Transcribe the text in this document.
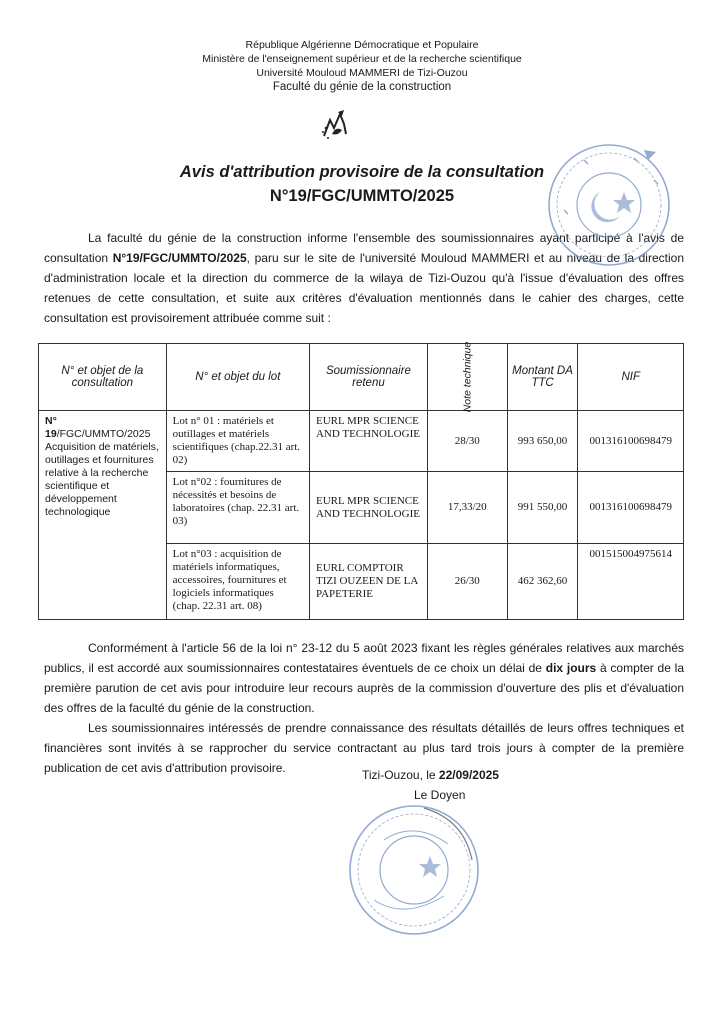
République Algérienne Démocratique et Populaire
Ministère de l'enseignement supérieur et de la recherche scientifique
Université Mouloud MAMMERI de Tizi-Ouzou
Faculté du génie de la construction
Avis d'attribution provisoire de la consultation
N°19/FGC/UMMTO/2025

La faculté du génie de la construction informe l'ensemble des soumissionnaires ayant participé à l'avis de consultation N°19/FGC/UMMTO/2025, paru sur le site de l'université Mouloud MAMMERI et au niveau de la direction d'administration locale et la direction du commerce de la wilaya de Tizi-Ouzou qu'à l'issue d'évaluation des offres retenues de cette consultation, et suite aux critères d'évaluation mentionnés dans le cahier des charges, cette consultation est provisoirement attribuée comme suit :

N° et objet de la consultation	N° et objet du lot	Soumissionnaire retenu	Note technique	Montant DA TTC	NIF
N° 19/FGC/UMMTO/2025
Acquisition de matériels, outillages et fournitures relative à la recherche scientifique et développement technologique	Lot n° 01 : matériels et outillages et matériels scientifiques (chap.22.31 art. 02)	EURL MPR SCIENCE AND TECHNOLOGIE	28/30	993 650,00	001316100698479
	Lot n°02 : fournitures de nécessités et besoins de laboratoires (chap. 22.31 art. 03)	EURL MPR SCIENCE AND TECHNOLOGIE	17,33/20	991 550,00	001316100698479
	Lot n°03 : acquisition de matériels informatiques, accessoires, fournitures et logiciels informatiques (chap. 22.31 art. 08)	EURL COMPTOIR TIZI OUZEEN DE LA PAPETERIE	26/30	462 362,60	001515004975614

Conformément à l'article 56 de la loi n° 23-12 du 5 août 2023 fixant les règles générales relatives aux marchés publics, il est accordé aux soumissionnaires contestataires éventuels de ce choix un délai de dix jours à compter de la première parution de cet avis pour introduire leur recours auprès de la commission d'ouverture des plis et d'évaluation des offres de la faculté du génie de la construction.

Les soumissionnaires intéressés de prendre connaissance des résultats détaillés de leurs offres techniques et financières sont invités à se rapprocher du service contractant au plus tard trois jours à compter de la première publication de cet avis d'attribution provisoire.	Tizi-Ouzou, le 22/09/2025
Le Doyen
